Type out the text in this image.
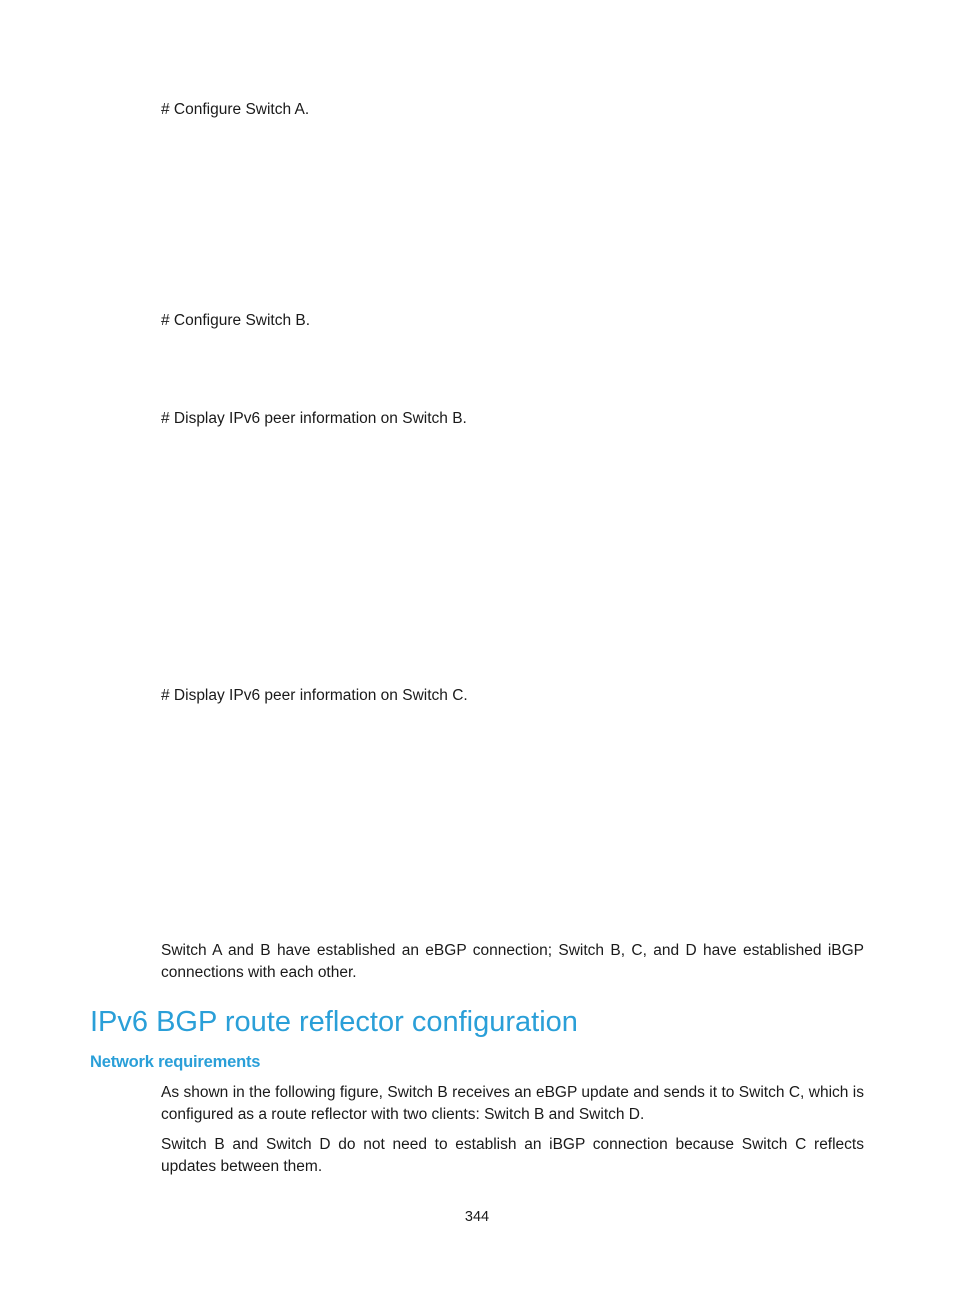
# Configure Switch A.

# Configure Switch B.

# Display IPv6 peer information on Switch B.

# Display IPv6 peer information on Switch C.

Switch A and B have established an eBGP connection; Switch B, C, and D have established iBGP connections with each other.

IPv6 BGP route reflector configuration
Network requirements

As shown in the following figure, Switch B receives an eBGP update and sends it to Switch C, which is configured as a route reflector with two clients: Switch B and Switch D.

Switch B and Switch D do not need to establish an iBGP connection because Switch C reflects updates between them.

344
